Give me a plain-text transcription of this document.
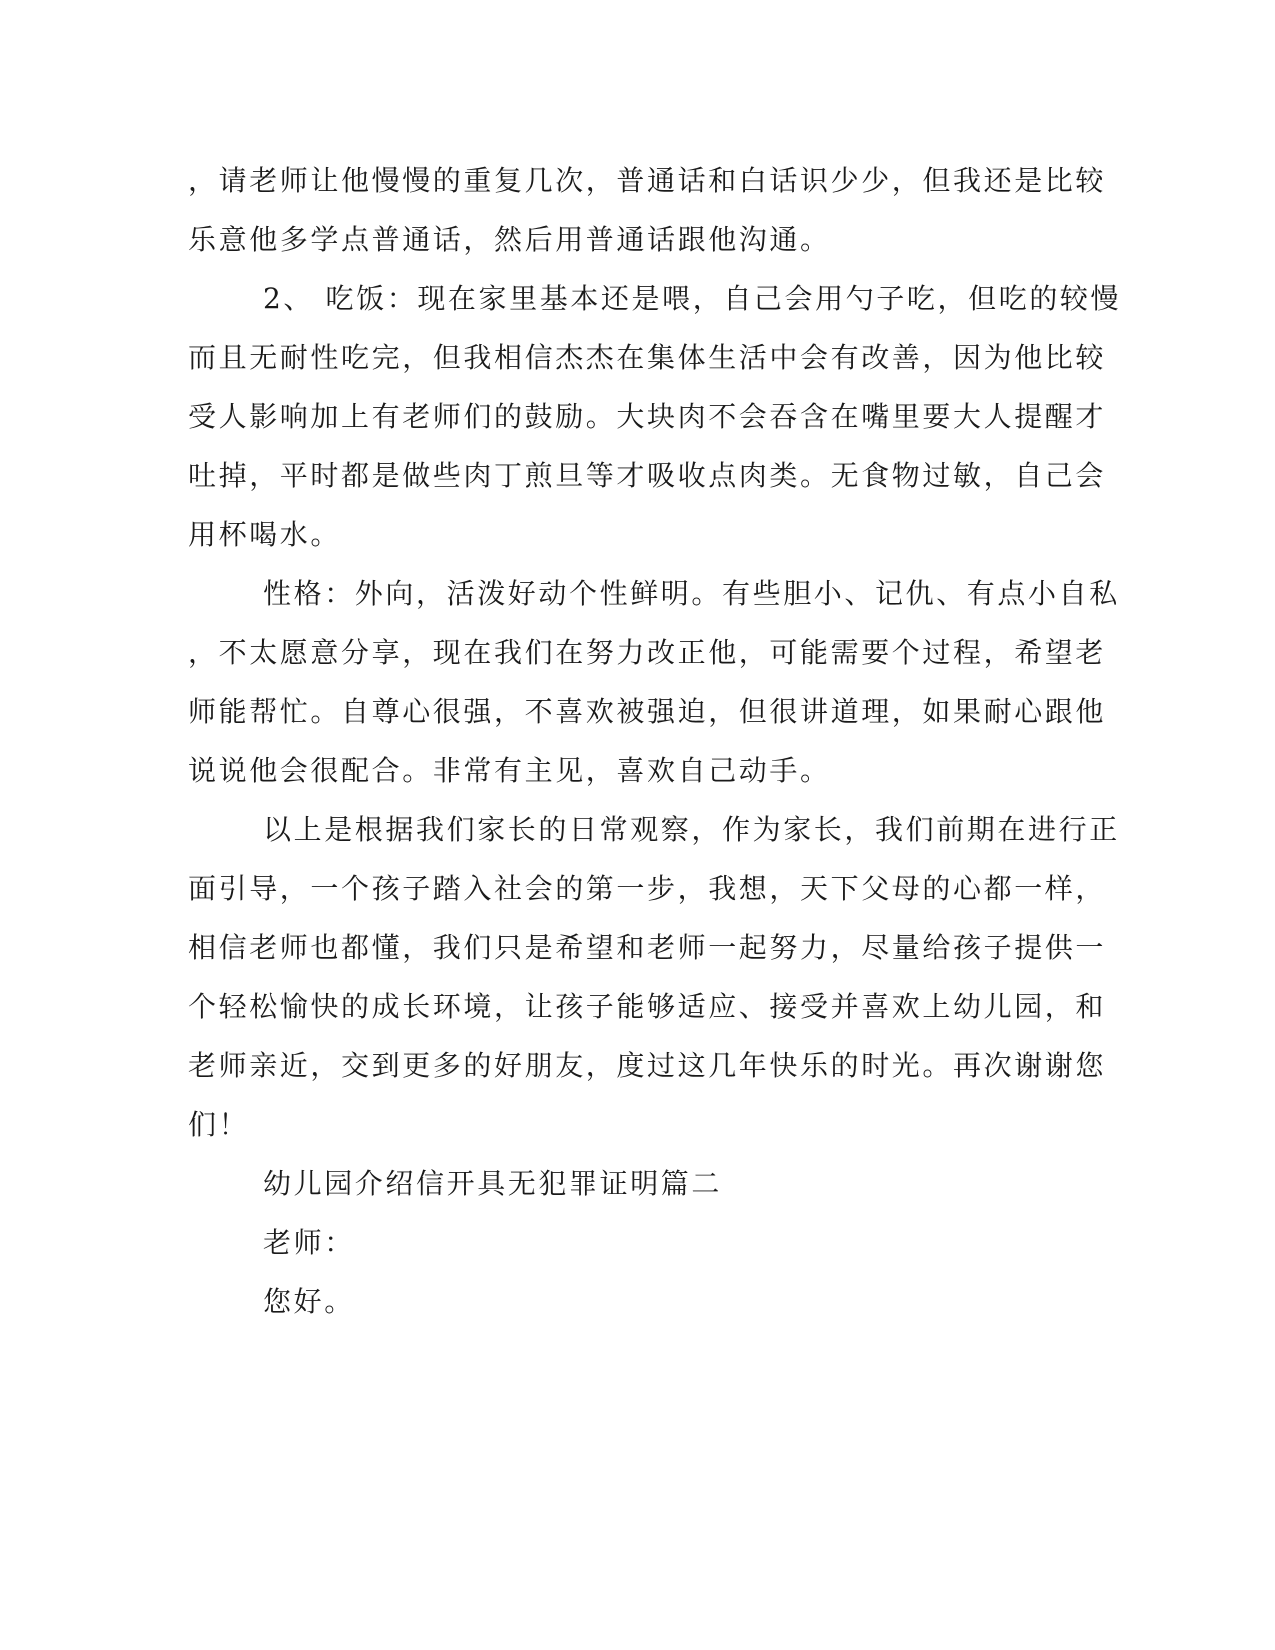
，请老师让他慢慢的重复几次，普通话和白话识少少，但我还是比较
乐意他多学点普通话，然后用普通话跟他沟通。
2、 吃饭：现在家里基本还是喂，自己会用勺子吃，但吃的较慢
而且无耐性吃完，但我相信杰杰在集体生活中会有改善，因为他比较
受人影响加上有老师们的鼓励。大块肉不会吞含在嘴里要大人提醒才
吐掉，平时都是做些肉丁煎旦等才吸收点肉类。无食物过敏，自己会
用杯喝水。
性格：外向，活泼好动个性鲜明。有些胆小、记仇、有点小自私
，不太愿意分享，现在我们在努力改正他，可能需要个过程，希望老
师能帮忙。自尊心很强，不喜欢被强迫，但很讲道理，如果耐心跟他
说说他会很配合。非常有主见，喜欢自己动手。
以上是根据我们家长的日常观察，作为家长，我们前期在进行正
面引导，一个孩子踏入社会的第一步，我想，天下父母的心都一样，
相信老师也都懂，我们只是希望和老师一起努力，尽量给孩子提供一
个轻松愉快的成长环境，让孩子能够适应、接受并喜欢上幼儿园，和
老师亲近，交到更多的好朋友，度过这几年快乐的时光。再次谢谢您
们！
幼儿园介绍信开具无犯罪证明篇二
老师：
您好。
